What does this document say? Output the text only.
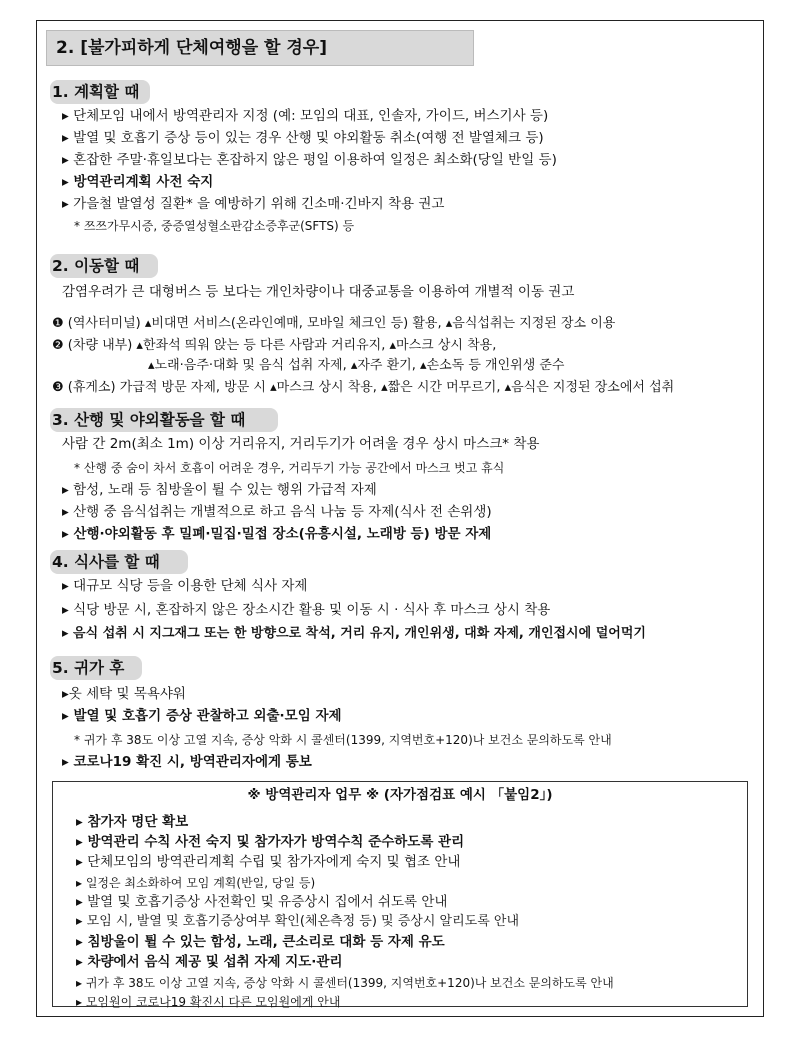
2. [불가피하게 단체여행을 할 경우]
1. 계획할 때
▸ 단체모임 내에서 방역관리자 지정 (예: 모임의 대표, 인솔자, 가이드, 버스기사 등)
▸ 발열 및 호흡기 증상 등이 있는 경우 산행 및 야외활동 취소(여행 전 발열체크 등)
▸ 혼잡한 주말·휴일보다는 혼잡하지 않은 평일 이용하여 일정은 최소화(당일 반일 등)
▸ 방역관리계획 사전 숙지
▸ 가을철 발열성 질환* 을 예방하기 위해 긴소매·긴바지 착용 권고
* 쯔쯔가무시증, 중증열성혈소판감소증후군(SFTS) 등
2. 이동할 때
감염우려가 큰 대형버스 등 보다는 개인차량이나 대중교통을 이용하여 개별적 이동 권고
❶ (역사터미널) ▴비대면 서비스(온라인예매, 모바일 체크인 등) 활용, ▴음식섭취는 지정된 장소 이용
❷ (차량 내부) ▴한좌석 띄워 앉는 등 다른 사람과 거리유지, ▴마스크 상시 착용,
▴노래·음주·대화 및 음식 섭취 자제, ▴자주 환기, ▴손소독 등 개인위생 준수
❸ (휴게소) 가급적 방문 자제, 방문 시 ▴마스크 상시 착용, ▴짧은 시간 머무르기, ▴음식은 지정된 장소에서 섭취
3. 산행 및 야외활동을 할 때
사람 간 2m(최소 1m) 이상 거리유지, 거리두기가 어려울 경우 상시 마스크* 착용
* 산행 중 숨이 차서 호흡이 어려운 경우, 거리두기 가능 공간에서 마스크 벗고 휴식
▸ 함성, 노래 등 침방울이 튈 수 있는 행위 가급적 자제
▸ 산행 중 음식섭취는 개별적으로 하고 음식 나눔 등 자제(식사 전 손위생)
▸ 산행·야외활동 후 밀폐·밀집·밀접 장소(유흥시설, 노래방 등) 방문 자제
4. 식사를 할 때
▸ 대규모 식당 등을 이용한 단체 식사 자제
▸ 식당 방문 시, 혼잡하지 않은 장소시간 활용 및 이동 시 · 식사 후 마스크 상시 착용
▸ 음식 섭취 시 지그재그 또는 한 방향으로 착석, 거리 유지, 개인위생, 대화 자제, 개인접시에 덜어먹기
5. 귀가 후
▸옷 세탁 및 목욕샤워
▸ 발열 및 호흡기 증상 관찰하고 외출·모임 자제
* 귀가 후 38도 이상 고열 지속, 증상 악화 시 콜센터(1399, 지역번호+120)나 보건소 문의하도록 안내
▸ 코로나19 확진 시, 방역관리자에게 통보
※ 방역관리자 업무 ※ (자가점검표 예시 「붙임2」)
▸ 참가자 명단 확보
▸ 방역관리 수칙 사전 숙지 및 참가자가 방역수칙 준수하도록 관리
▸ 단체모임의 방역관리계획 수립 및 참가자에게 숙지 및 협조 안내
▸ 일정은 최소화하여 모임 계획(반일, 당일 등)
▸ 발열 및 호흡기증상 사전확인 및 유증상시 집에서 쉬도록 안내
▸ 모임 시, 발열 및 호흡기증상여부 확인(체온측정 등) 및 증상시 알리도록 안내
▸ 침방울이 튈 수 있는 함성, 노래, 큰소리로 대화 등 자제 유도
▸ 차량에서 음식 제공 및 섭취 자제 지도·관리
▸ 귀가 후 38도 이상 고열 지속, 증상 악화 시 콜센터(1399, 지역번호+120)나 보건소 문의하도록 안내
▸ 모임원이 코로나19 확진시 다른 모임원에게 안내
